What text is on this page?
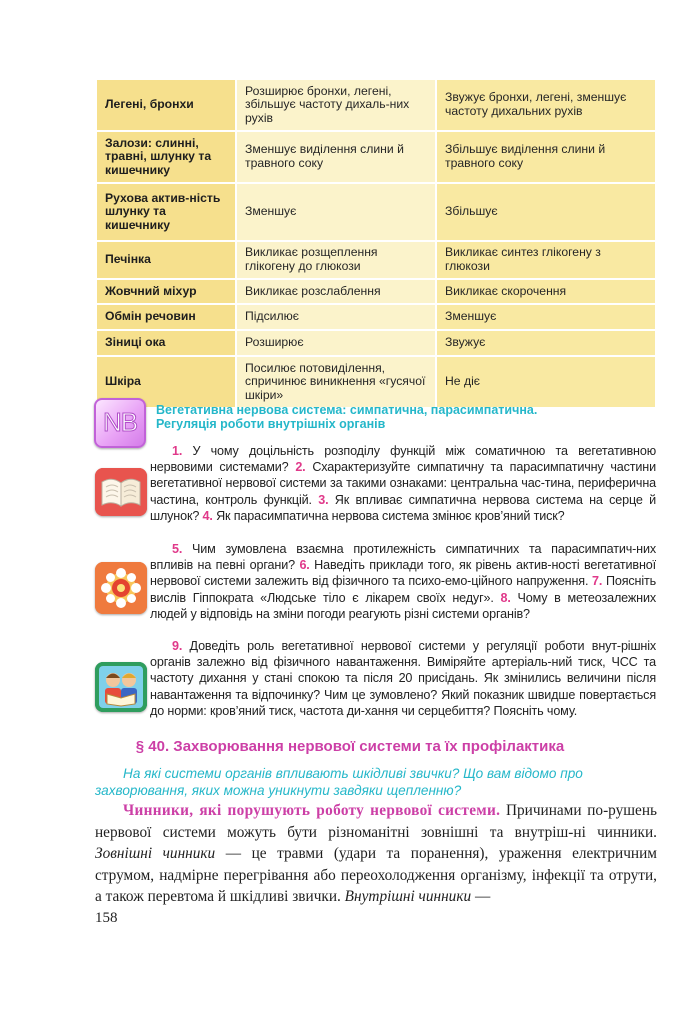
Легені, бронхи	Розширює бронхи, легені, збільшує частоту дихаль-них рухів	Звужує бронхи, легені, зменшує частоту дихальних рухів
Залози: слинні, травні, шлунку та кишечнику	Зменшує виділення слини й травного соку	Збільшує виділення слини й травного соку
Рухова актив-ність шлунку та кишечнику	Зменшує	Збільшує
Печінка	Викликає розщеплення глікогену до глюкози	Викликає синтез глікогену з глюкози
Жовчний міхур	Викликає розслаблення	Викликає скорочення
Обмін речовин	Підсилює	Зменшує
Зіниці ока	Розширює	Звужує
Шкіра	Посилює потовиділення, спричинює виникнення «гусячої шкіри»	Не діє
NB	Вегетативна нервова система: симпатична, парасимпатична.
Регуляція роботи внутрішніх органів

1. У чому доцільність розподілу функцій між соматичною та вегетативною нервовими системами? 2. Схарактеризуйте симпатичну та парасимпатичну частини вегетативної нервової системи за такими ознаками: центральна час-тина, периферична частина, контроль функцій. 3. Як впливає симпатична нервова система на серце й шлунок? 4. Як парасимпатична нервова система змінює кров’яний тиск?

5. Чим зумовлена взаємна протилежність симпатичних та парасимпатич-них впливів на певні органи? 6. Наведіть приклади того, як рівень актив-ності вегетативної нервової системи залежить від фізичного та психо-емо-ційного напруження. 7. Поясніть вислів Гіппократа «Людське тіло є лікарем своїх недуг». 8. Чому в метеозалежних людей у відповідь на зміни погоди реагують різні системи органів?

9. Доведіть роль вегетативної нервової системи у регуляції роботи внут-рішніх органів залежно від фізичного навантаження. Виміряйте артеріаль-ний тиск, ЧСС та частоту дихання у стані спокою та після 20 присідань. Як змінились величини після навантаження та відпочинку? Чим це зумовлено? Який показник швидше повертається до норми: кров’яний тиск, частота ди-хання чи серцебиття? Поясніть чому.

§ 40. Захворювання нервової системи та їх профілактика
На які системи органів впливають шкідливі звички? Що вам відомо про захворювання, яких можна уникнути завдяки щепленню?

Чинники, які порушують роботу нервової системи. Причинами по-рушень нервової системи можуть бути різноманітні зовнішні та внутріш-ні чинники. Зовнішні чинники — це травми (удари та поранення), ураження електричним струмом, надмірне перегрівання або переохолодження організму, інфекції та отрути, а також перевтома й шкідливі звички. Внутрішні чинники —

158
